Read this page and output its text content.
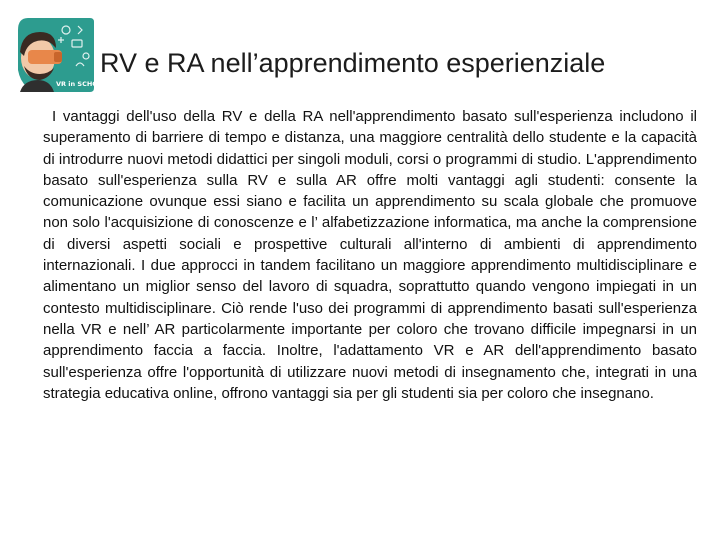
VR in SCHOOL
RV e RA nell’apprendimento esperienziale

I vantaggi dell'uso della RV e della RA nell'apprendimento basato sull'esperienza includono il superamento di barriere di tempo e distanza, una maggiore centralità dello studente e la capacità di introdurre nuovi metodi didattici per singoli moduli, corsi o programmi di studio. L'apprendimento basato sull'esperienza sulla RV e sulla AR offre molti vantaggi agli studenti: consente la comunicazione ovunque essi siano e facilita un apprendimento su scala globale che promuove non solo l'acquisizione di conoscenze e l’ alfabetizzazione informatica, ma anche la comprensione di diversi aspetti sociali e prospettive culturali all'interno di ambienti di apprendimento internazionali. I due approcci in tandem facilitano un maggiore apprendimento multidisciplinare e alimentano un miglior senso del lavoro di squadra, soprattutto quando vengono impiegati in un contesto multidisciplinare. Ciò rende l'uso dei programmi di apprendimento basati sull'esperienza nella VR e nell’ AR particolarmente importante per coloro che trovano difficile impegnarsi in un apprendimento faccia a faccia. Inoltre, l'adattamento VR e AR dell'apprendimento basato sull'esperienza offre l'opportunità di utilizzare nuovi metodi di insegnamento che, integrati in una strategia educativa online, offrono vantaggi sia per gli studenti sia per coloro che insegnano.
